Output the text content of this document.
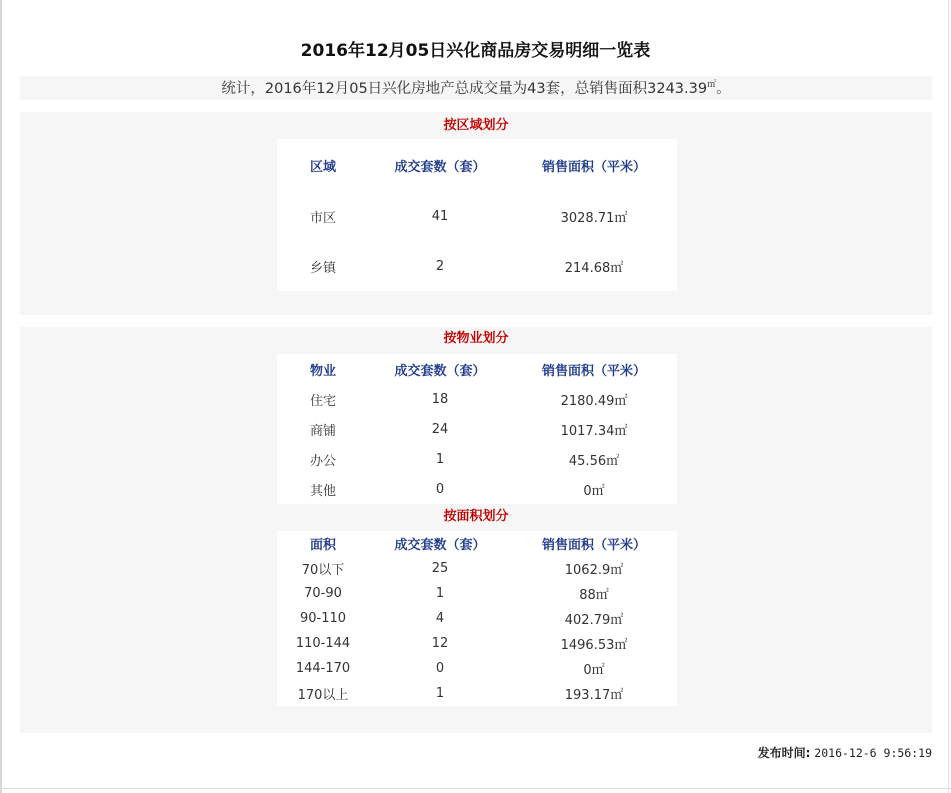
2016年12月05日兴化商品房交易明细一览表
统计，2016年12月05日兴化房地产总成交量为43套，总销售面积3243.39㎡。
按区域划分
区域	成交套数（套）	销售面积（平米）
市区	41	3028.71㎡
乡镇	2	214.68㎡
按物业划分
物业	成交套数（套）	销售面积（平米）
住宅	18	2180.49㎡
商铺	24	1017.34㎡
办公	1	45.56㎡
其他	0	0㎡
按面积划分
面积	成交套数（套）	销售面积（平米）
70以下	25	1062.9㎡
70-90	1	88㎡
90-110	4	402.79㎡
110-144	12	1496.53㎡
144-170	0	0㎡
170以上	1	193.17㎡
发布时间: 2016-12-6 9:56:19
